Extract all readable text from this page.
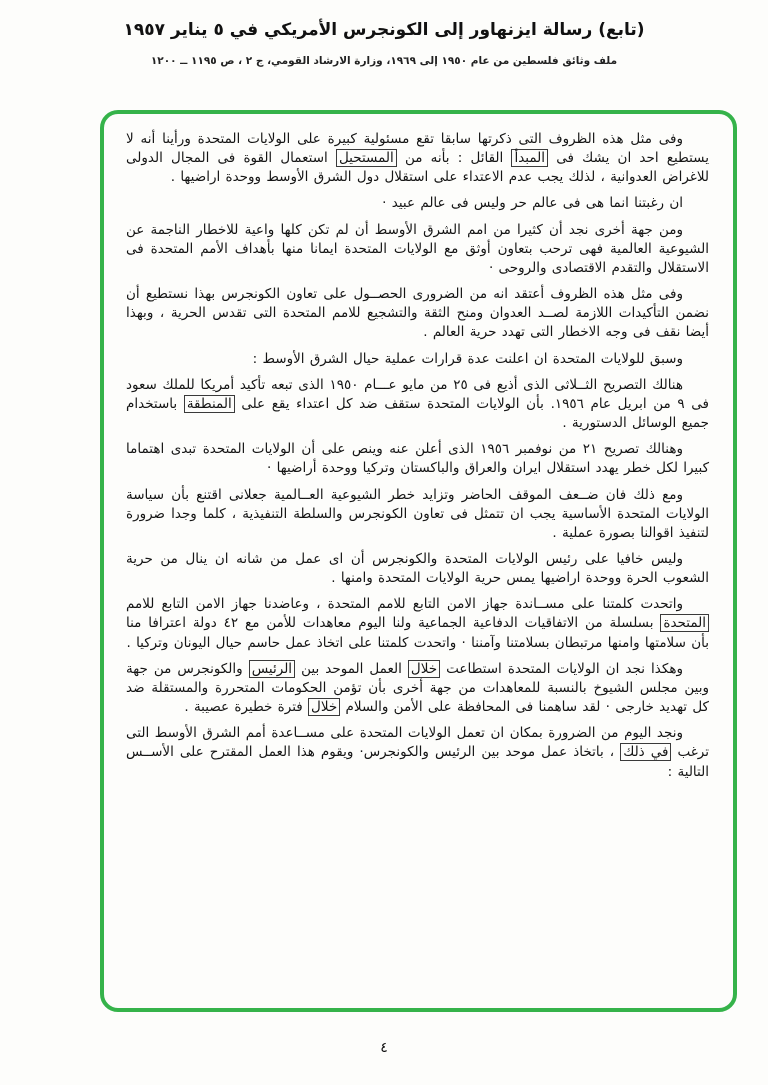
(تابع) رسالة ايزنهاور إلى الكونجرس الأمريكي في ٥ يناير ١٩٥٧
ملف وثائق فلسطين من عام ١٩٥٠ إلى ١٩٦٩، وزارة الارشاد القومي، ج ٢ ، ص ١١٩٥ ــ ١٢٠٠

وفى مثل هذه الظروف التى ذكرتها سابقا تقع مسئولية كبيرة على الولايات المتحدة ورأينا أنه لا يستطيع احد ان يشك فى المبدأ القائل : بأنه من المستحيل استعمال القوة فى المجال الدولى للاغراض العدوانية ، لذلك يجب عدم الاعتداء على استقلال دول الشرق الأوسط ووحدة اراضيها .

ان رغبتنا انما هى فى عالم حر وليس فى عالم عبيد ·

ومن جهة أخرى نجد أن كثيرا من امم الشرق الأوسط أن لم تكن كلها واعية للاخطار الناجمة عن الشيوعية العالمية فهى ترحب بتعاون أوثق مع الولايات المتحدة ايمانا منها بأهداف الأمم المتحدة فى الاستقلال والتقدم الاقتصادى والروحى ·

وفى مثل هذه الظروف أعتقد انه من الضرورى الحصــول على تعاون الكونجرس بهذا نستطيع أن نضمن التأكيدات اللازمة لصــد العدوان ومنح الثقة والتشجيع للامم المتحدة التى تقدس الحرية ، وبهذا أيضا نقف فى وجه الاخطار التى تهدد حرية العالم .

وسبق للولايات المتحدة ان اعلنت عدة قرارات عملية حيال الشرق الأوسط :

هنالك التصريح الثــلاثى الذى أذيع فى ٢٥ من مايو عـــام ١٩٥٠ الذى تبعه تأكيد أمريكا للملك سعود فى ٩ من ابريل عام ١٩٥٦. بأن الولايات المتحدة ستقف ضد كل اعتداء يقع على المنطقة باستخدام جميع الوسائل الدستورية .

وهنالك تصريح ٢١ من نوفمبر ١٩٥٦ الذى أعلن عنه وينص على أن الولايات المتحدة تبدى اهتماما كبيرا لكل خطر يهدد استقلال ايران والعراق والباكستان وتركيا ووحدة أراضيها ·

ومع ذلك فان ضــعف الموقف الحاضر وتزايد خطر الشيوعية العــالمية جعلانى اقتنع بأن سياسة الولايات المتحدة الأساسية يجب ان تتمثل فى تعاون الكونجرس والسلطة التنفيذية ، كلما وجدا ضرورة لتنفيذ اقوالنا بصورة عملية .

وليس خافيا على رئيس الولايات المتحدة والكونجرس أن اى عمل من شانه ان ينال من حرية الشعوب الحرة ووحدة اراضيها يمس حرية الولايات المتحدة وامنها .

واتحدت كلمتنا على مســاندة جهاز الامن التابع للامم المتحدة ، وعاضدنا جهاز الامن التابع للامم المتحدة بسلسلة من الاتفاقيات الدفاعية الجماعية ولنا اليوم معاهدات للأمن مع ٤٢ دولة اعترافا منا بأن سلامتها وامنها مرتبطان بسلامتنا وآمننا · واتحدت كلمتنا على اتخاذ عمل حاسم حيال اليونان وتركيا .

وهكذا نجد ان الولايات المتحدة استطاعت خلال العمل الموحد بين الرئيس والكونجرس من جهة وبين مجلس الشيوخ بالنسبة للمعاهدات من جهة أخرى بأن تؤمن الحكومات المتحررة والمستقلة ضد كل تهديد خارجى · لقد ساهمنا فى المحافظة على الأمن والسلام خلال فترة خطيرة عصيبة .

ونجد اليوم من الضرورة بمكان ان تعمل الولايات المتحدة على مســاعدة أمم الشرق الأوسط التى ترغب في ذلك ، باتخاذ عمل موحد بين الرئيس والكونجرس· ويقوم هذا العمل المقترح على الأســس التالية :

٤
